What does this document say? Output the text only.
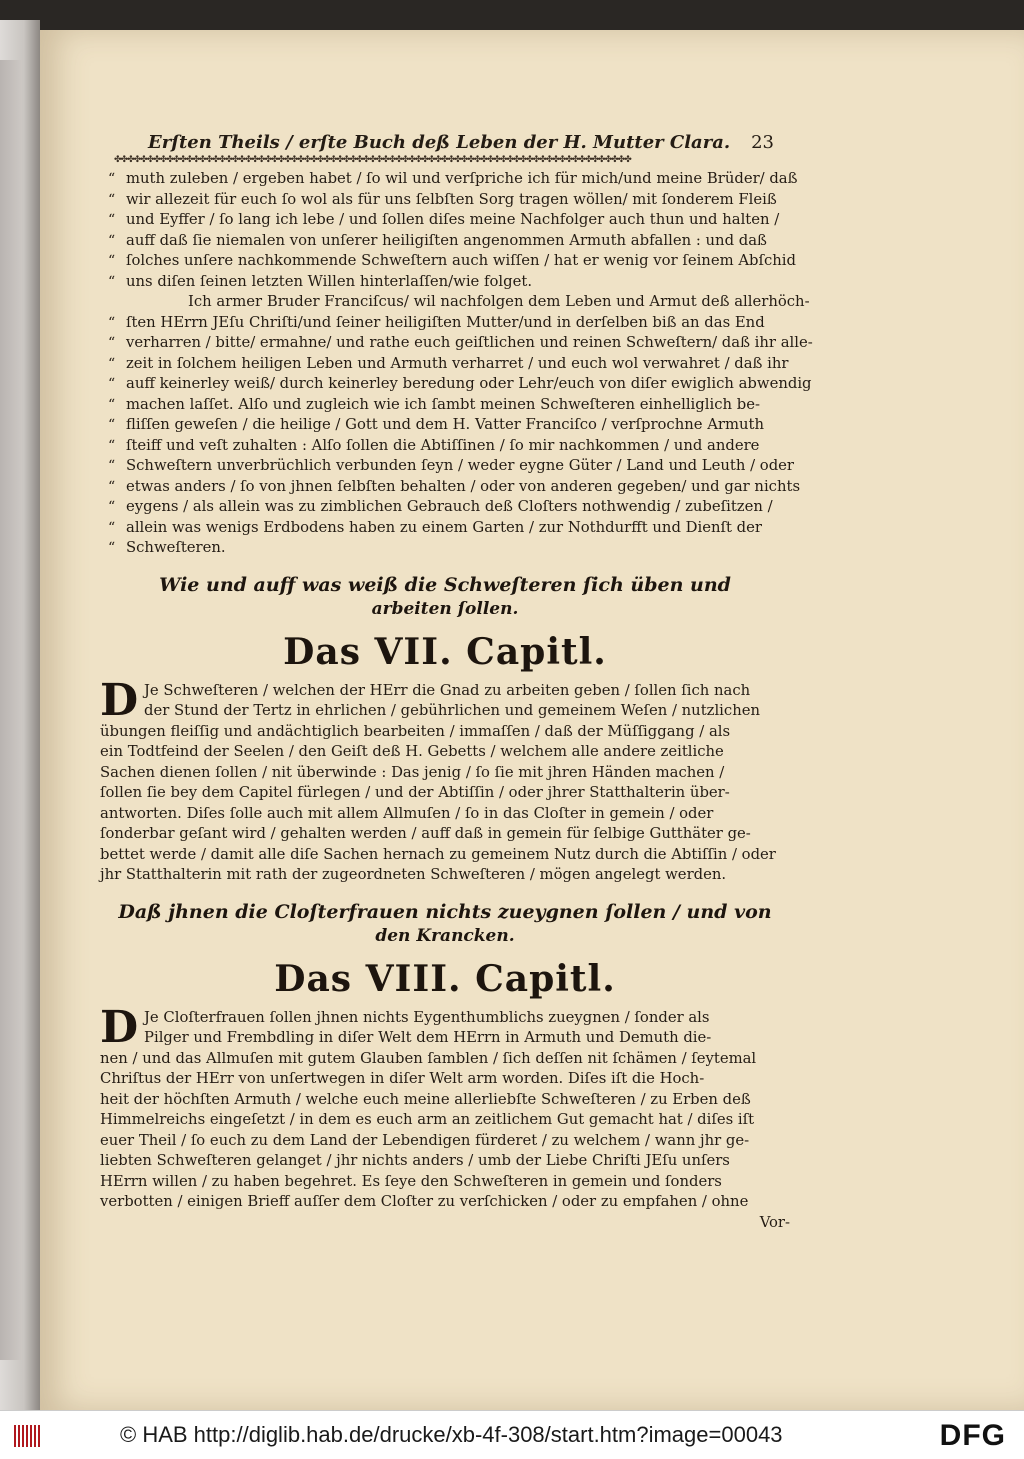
Erſten Theils / erſte Buch deß Leben der H. Mutter Clara. 23
✤✤✤✤✤✤✤✤✤✤✤✤✤✤✤✤✤✤✤✤✤✤✤✤✤✤✤✤✤✤✤✤✤✤✤✤✤✤✤✤✤✤✤✤✤✤✤✤✤✤✤✤✤✤✤✤✤✤✤✤✤✤✤✤✤✤✤✤✤✤✤✤✤✤✤✤✤✤✤
“ muth zuleben / ergeben habet / ſo wil und verſpriche ich für mich/und meine Brüder/ daß
“ wir allezeit für euch ſo wol als für uns ſelbſten Sorg tragen wöllen/ mit ſonderem Fleiß
“ und Eyffer / ſo lang ich lebe / und ſollen diſes meine Nachfolger auch thun und halten /
“ auff daß ſie niemalen von unſerer heiligiſten angenommen Armuth abfallen : und daß
“ ſolches unſere nachkommende Schweſtern auch wiſſen / hat er wenig vor ſeinem Abſchid
“ uns diſen ſeinen letzten Willen hinterlaſſen/wie folget.
Ich armer Bruder Franciſcus/ wil nachfolgen dem Leben und Armut deß allerhöch-
“ ſten HErrn JEſu Chriſti/und ſeiner heiligiſten Mutter/und in derſelben biß an das End
“ verharren / bitte/ ermahne/ und rathe euch geiſtlichen und reinen Schweſtern/ daß ihr alle-
“ zeit in ſolchem heiligen Leben und Armuth verharret / und euch wol verwahret / daß ihr
“ auff keinerley weiß/ durch keinerley beredung oder Lehr/euch von diſer ewiglich abwendig
“ machen laſſet. Alſo und zugleich wie ich ſambt meinen Schweſteren einhelliglich be-
“ fliſſen geweſen / die heilige / Gott und dem H. Vatter Franciſco / verſprochne Armuth
“ ſteiff und veſt zuhalten : Alſo ſollen die Abtiſſinen / ſo mir nachkommen / und andere
“ Schweſtern unverbrüchlich verbunden ſeyn / weder eygne Güter / Land und Leuth / oder
“ etwas anders / ſo von jhnen ſelbſten behalten / oder von anderen gegeben/ und gar nichts
“ eygens / als allein was zu zimblichen Gebrauch deß Cloſters nothwendig / zubeſitzen /
“ allein was wenigs Erdbodens haben zu einem Garten / zur Nothdurfft und Dienſt der
“ Schweſteren.
Wie und auff was weiß die Schweſteren ſich üben und
arbeiten ſollen.
Das VII. Capitl.
D Je Schweſteren / welchen der HErr die Gnad zu arbeiten geben / ſollen ſich nach
der Stund der Tertz in ehrlichen / gebührlichen und gemeinem Weſen / nutzlichen
übungen fleiſſig und andächtiglich bearbeiten / immaſſen / daß der Müſſiggang / als
ein Todtfeind der Seelen / den Geiſt deß H. Gebetts / welchem alle andere zeitliche
Sachen dienen ſollen / nit überwinde : Das jenig / ſo ſie mit jhren Händen machen /
ſollen ſie bey dem Capitel fürlegen / und der Abtiſſin / oder jhrer Statthalterin über-
antworten. Diſes ſolle auch mit allem Allmuſen / ſo in das Cloſter in gemein / oder
ſonderbar geſant wird / gehalten werden / auff daß in gemein für ſelbige Gutthäter ge-
bettet werde / damit alle diſe Sachen hernach zu gemeinem Nutz durch die Abtiſſin / oder
jhr Statthalterin mit rath der zugeordneten Schweſteren / mögen angelegt werden.
Daß jhnen die Cloſterfrauen nichts zueygnen ſollen / und von
den Krancken.
Das VIII. Capitl.
D Je Cloſterfrauen ſollen jhnen nichts Eygenthumblichs zueygnen / ſonder als
Pilger und Frembdling in diſer Welt dem HErrn in Armuth und Demuth die-
nen / und das Allmuſen mit gutem Glauben ſamblen / ſich deſſen nit ſchämen / ſeytemal
Chriſtus der HErr von unſertwegen in diſer Welt arm worden. Diſes iſt die Hoch-
heit der höchſten Armuth / welche euch meine allerliebſte Schweſteren / zu Erben deß
Himmelreichs eingeſetzt / in dem es euch arm an zeitlichem Gut gemacht hat / diſes iſt
euer Theil / ſo euch zu dem Land der Lebendigen fürderet / zu welchem / wann jhr ge-
liebten Schweſteren gelanget / jhr nichts anders / umb der Liebe Chriſti JEſu unſers
HErrn willen / zu haben begehret. Es ſeye den Schweſteren in gemein und ſonders
verbotten / einigen Brieff auſſer dem Cloſter zu verſchicken / oder zu empfahen / ohne
Vor-
© HAB http://diglib.hab.de/drucke/xb-4f-308/start.htm?image=00043	DFG
